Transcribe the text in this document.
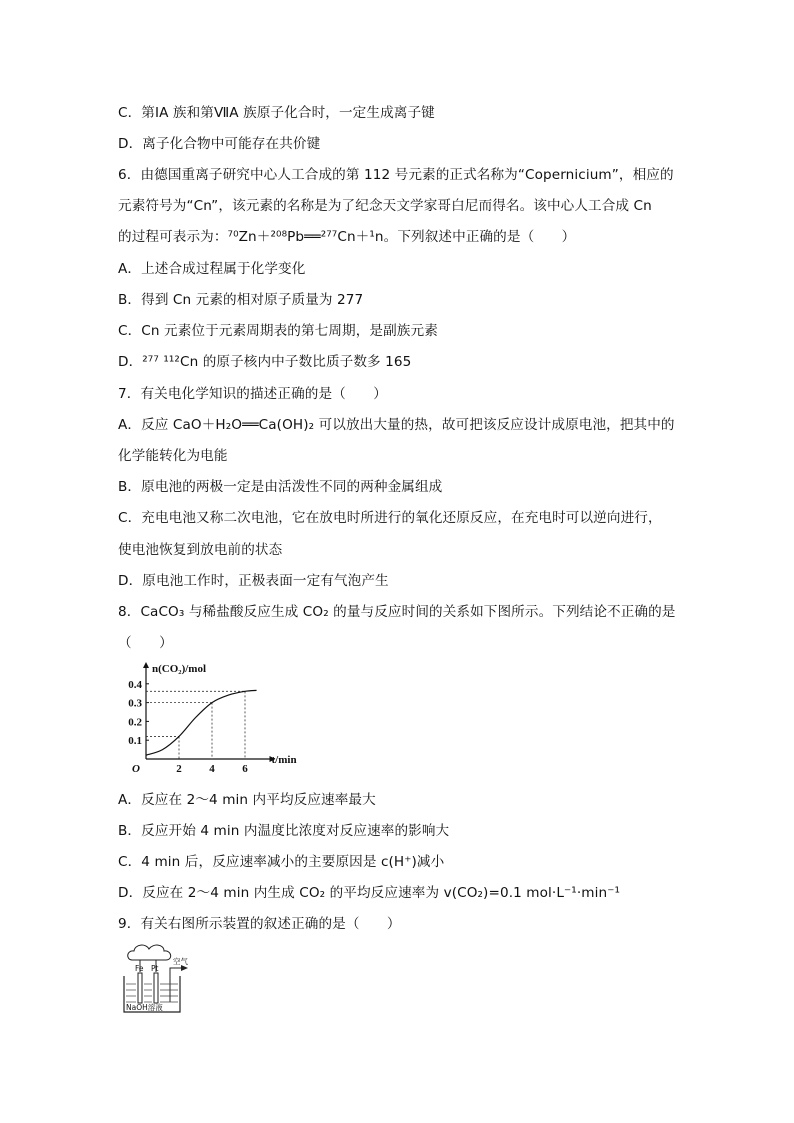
C．第ⅠA 族和第ⅦA 族原子化合时，一定生成离子键
D．离子化合物中可能存在共价键
6．由德国重离子研究中心人工合成的第 112 号元素的正式名称为“Copernicium”，相应的
元素符号为“Cn”，该元素的名称是为了纪念天文学家哥白尼而得名。该中心人工合成 Cn
的过程可表示为：⁷⁰Zn＋²⁰⁸Pb══²⁷⁷Cn＋¹n。下列叙述中正确的是（　　）
A．上述合成过程属于化学变化
B．得到 Cn 元素的相对原子质量为 277
C．Cn 元素位于元素周期表的第七周期，是副族元素
D．²⁷⁷ ¹¹²Cn 的原子核内中子数比质子数多 165
7．有关电化学知识的描述正确的是（　　）
A．反应 CaO＋H₂O══Ca(OH)₂ 可以放出大量的热，故可把该反应设计成原电池，把其中的
化学能转化为电能
B．原电池的两极一定是由活泼性不同的两种金属组成
C．充电电池又称二次电池，它在放电时所进行的氧化还原反应，在充电时可以逆向进行，
使电池恢复到放电前的状态
D．原电池工作时，正极表面一定有气泡产生
8．CaCO₃ 与稀盐酸反应生成 CO₂ 的量与反应时间的关系如下图所示。下列结论不正确的是
（　　）
0.1
0.2
0.3
0.4
2	4	6
O
n(CO₂)/mol
t/min
A．反应在 2～4 min 内平均反应速率最大
B．反应开始 4 min 内温度比浓度对反应速率的影响大
C．4 min 后，反应速率减小的主要原因是 c(H⁺)减小
D．反应在 2～4 min 内生成 CO₂ 的平均反应速率为 v(CO₂)=0.1 mol·L⁻¹·min⁻¹
9．有关右图所示装置的叙述正确的是（　　）
Fe Pt
空气
NaOH溶液
